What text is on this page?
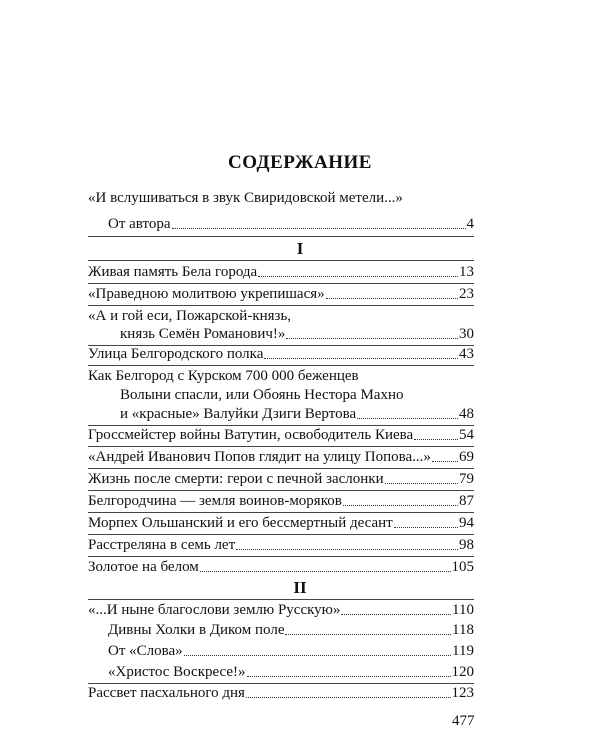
СОДЕРЖАНИЕ
«И вслушиваться в звук Свиридовской метели...»
От автора	4
I
Живая память Бела города	13
«Праведною молитвою укрепишася»	23
«А и гой еси, Пожарской-князь,
князь Семён Романович!»	30
Улица Белгородского полка	43
Как Белгород с Курском 700 000 беженцев
Волыни спасли, или Обоянь Нестора Махно
и «красные» Валуйки Дзиги Вертова	48
Гроссмейстер войны Ватутин, освободитель Киева	54
«Андрей Иванович Попов глядит на улицу Попова...» 69
Жизнь после смерти: герои с печной заслонки	79
Белгородчина — земля воинов-моряков	87
Морпех Ольшанский и его бессмертный десант	94
Расстреляна в семь лет	98
Золотое на белом	105
II
«...И ныне благослови землю Русскую»	110
Дивны Холки в Диком поле	118
От «Слова»	119
«Христос Воскресе!»	120
Рассвет пасхального дня	123
477
